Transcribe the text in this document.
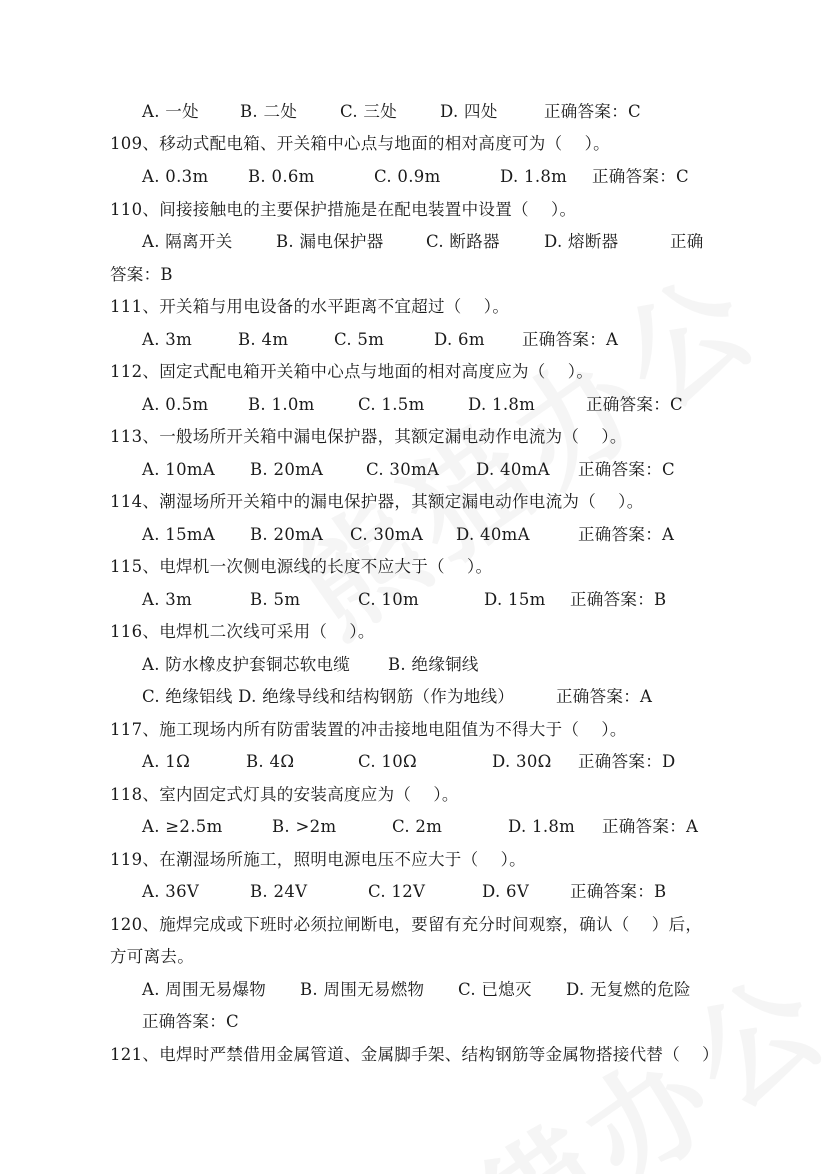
A. 一处

B. 二处

	C. 三处

	D. 四处

	正确答案：C

109、移动式配电箱、开关箱中心点与地面的相对高度可为（    ）。

A. 0.3m

B. 0.6m

	C. 0.9m

	D. 1.8m

正确答案：C

110、间接接触电的主要保护措施是在配电装置中设置（    ）。

A. 隔离开关

	B. 漏电保护器

	C. 断路器

	D. 熔断器

	正确

答案：B
111、开关箱与用电设备的水平距离不宜超过（    ）。

A. 3m

	B. 4m

	C. 5m

	D. 6m

正确答案：A

112、固定式配电箱开关箱中心点与地面的相对高度应为（    ）。

A. 0.5m

B. 1.0m

	C. 1.5m

	D. 1.8m

	正确答案：C

113、一般场所开关箱中漏电保护器，其额定漏电动作电流为（    ）。

A. 10mA

B. 20mA

	C. 30mA

D. 40mA

正确答案：C

114、潮湿场所开关箱中的漏电保护器，其额定漏电动作电流为（    ）。

A. 15mA

B. 20mA

C. 30mA

D. 40mA

	正确答案：A

115、电焊机一次侧电源线的长度不应大于（    ）。

A. 3m

	B. 5m

	C. 10m

	D. 15m

正确答案：B

116、电焊机二次线可采用（    ）。

A. 防水橡皮护套铜芯软电缆

B. 绝缘铜线

C. 绝缘铝线 D. 绝缘导线和结构钢筋（作为地线）

	正确答案：A

117、施工现场内所有防雷装置的冲击接地电阻值为不得大于（    ）。

A. 1Ω

	B. 4Ω

	C. 10Ω

	D. 30Ω

正确答案：D

118、室内固定式灯具的安装高度应为（    ）。

A. ≥2.5m

	B. >2m

	C. 2m

	D. 1.8m

正确答案：A

119、在潮湿场所施工，照明电源电压不应大于（    ）。

A. 36V

	B. 24V

	C. 12V

	D. 6V

正确答案：B

120、施焊完成或下班时必须拉闸断电，要留有充分时间观察，确认（    ）后，
方可离去。

A. 周围无易爆物

B. 周围无易燃物

C. 已熄灭

D. 无复燃的危险

正确答案：C
121、电焊时严禁借用金属管道、金属脚手架、结构钢筋等金属物搭接代替（    ）
